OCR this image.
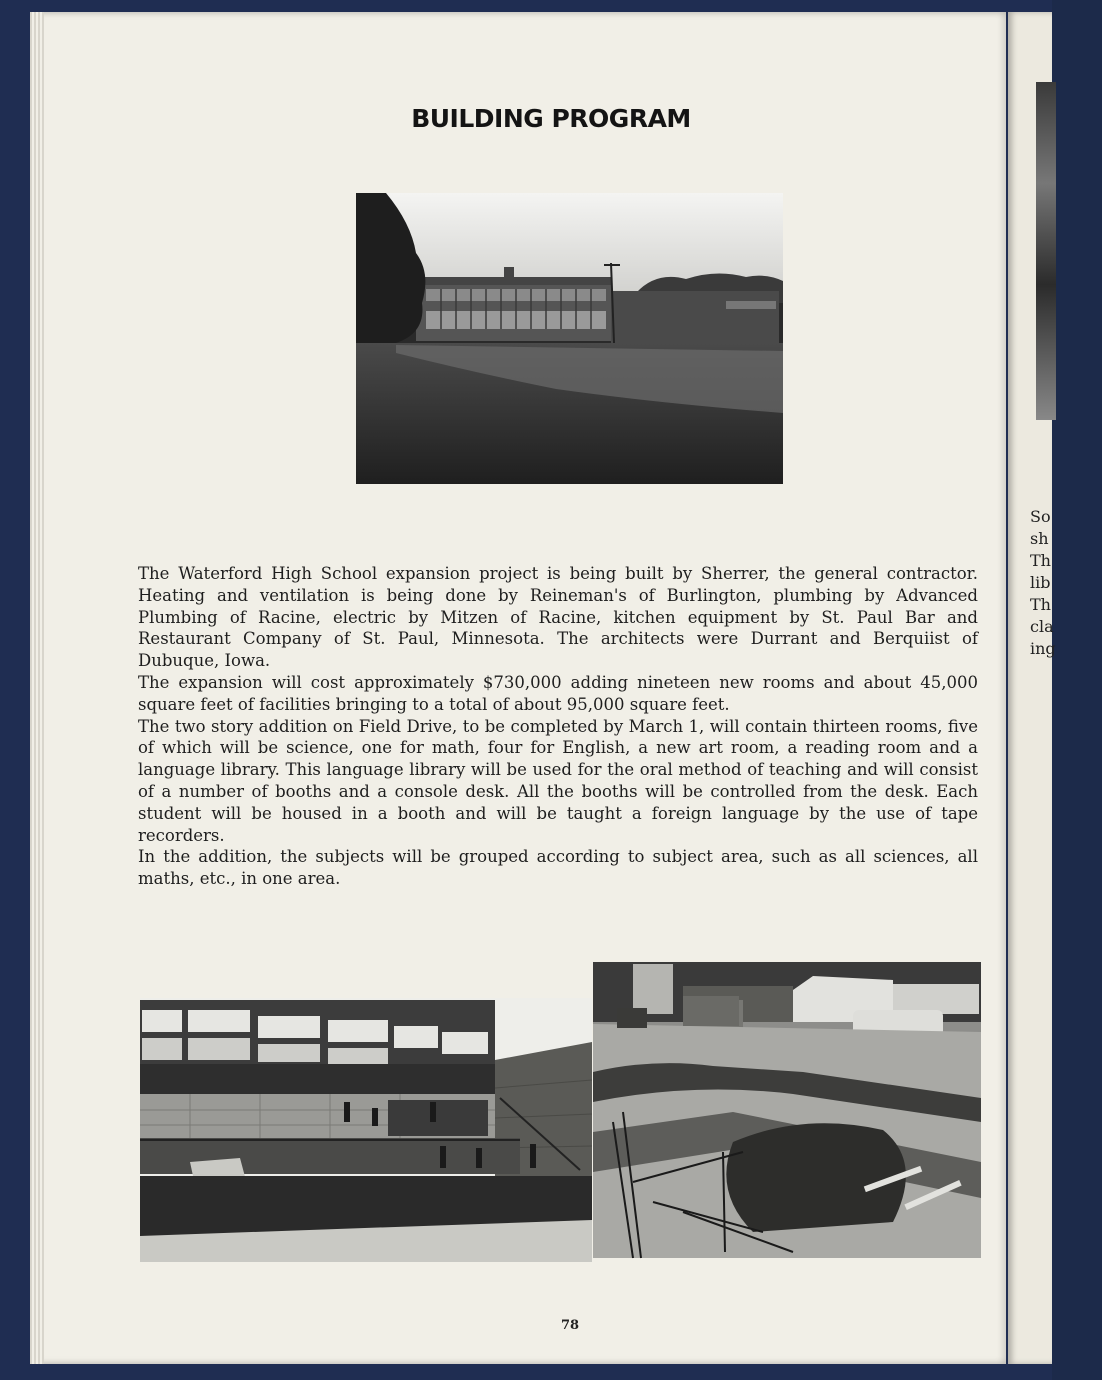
So
sh
Th
lib
Th
cla
ing
BUILDING PROGRAM

The Waterford High School expansion project is being built by Sherrer, the general contractor. Heating and ventilation is being done by Reineman's of Burlington, plumbing by Advanced Plumbing of Racine, electric by Mitzen of Racine, kitchen equipment by St. Paul Bar and Restaurant Company of St. Paul, Minnesota. The architects were Durrant and Berquiist of Dubuque, Iowa.

The expansion will cost approximately $730,000 adding nineteen new rooms and about 45,000 square feet of facilities bringing to a total of about 95,000 square feet.

The two story addition on Field Drive, to be completed by March 1, will contain thirteen rooms, five of which will be science, one for math, four for English, a new art room, a reading room and a language library. This language library will be used for the oral method of teaching and will consist of a number of booths and a console desk. All the booths will be controlled from the desk. Each student will be housed in a booth and will be taught a foreign language by the use of tape recorders.

In the addition, the subjects will be grouped according to subject area, such as all sciences, all maths, etc., in one area.

78
